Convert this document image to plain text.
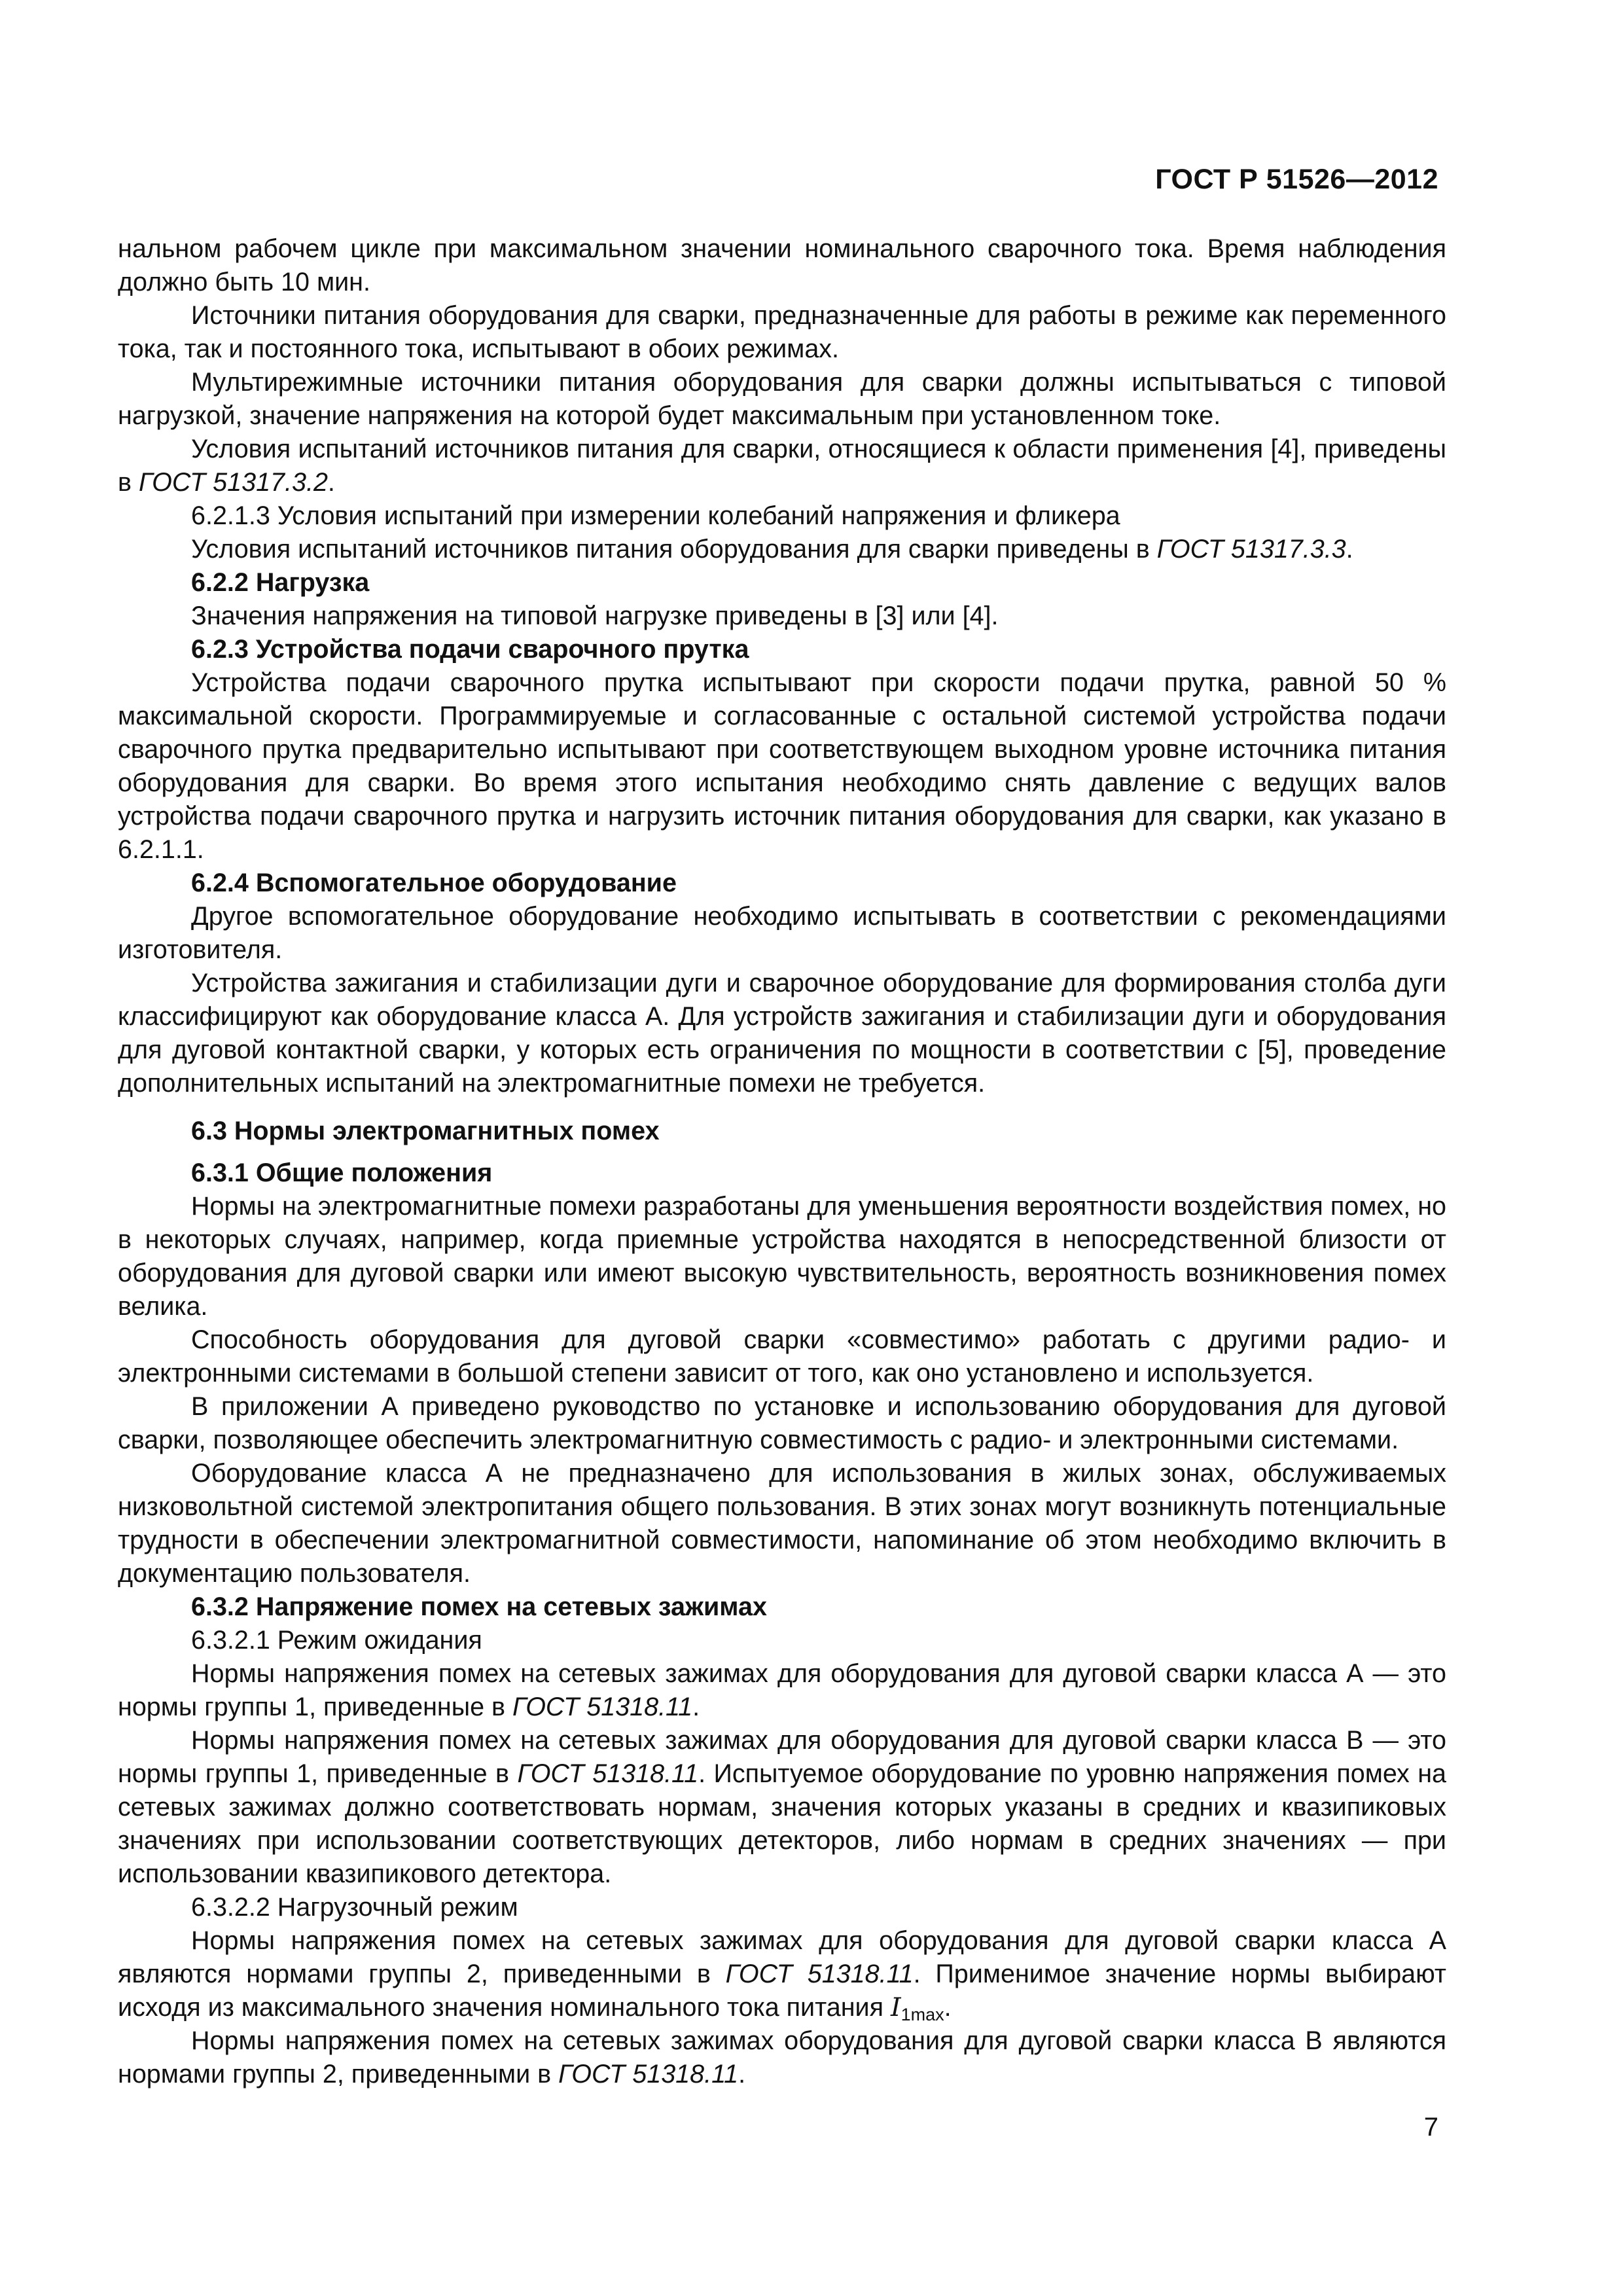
ГОСТ Р 51526—2012

нальном рабочем цикле при максимальном значении номинального сварочного тока. Время наблюдения должно быть 10 мин.

Источники питания оборудования для сварки, предназначенные для работы в режиме как переменного тока, так и постоянного тока, испытывают в обоих режимах.

Мультирежимные источники питания оборудования для сварки должны испытываться с типовой нагрузкой, значение напряжения на которой будет максимальным при установленном токе.

Условия испытаний источников питания для сварки, относящиеся к области применения [4], приведены в ГОСТ 51317.3.2.

6.2.1.3 Условия испытаний при измерении колебаний напряжения и фликера

Условия испытаний источников питания оборудования для сварки приведены в ГОСТ 51317.3.3.

6.2.2 Нагрузка

Значения напряжения на типовой нагрузке приведены в [3] или [4].

6.2.3 Устройства подачи сварочного прутка

Устройства подачи сварочного прутка испытывают при скорости подачи прутка, равной 50 % максимальной скорости. Программируемые и согласованные с остальной системой устройства подачи сварочного прутка предварительно испытывают при соответствующем выходном уровне источника питания оборудования для сварки. Во время этого испытания необходимо снять давление с ведущих валов устройства подачи сварочного прутка и нагрузить источник питания оборудования для сварки, как указано в 6.2.1.1.

6.2.4 Вспомогательное оборудование

Другое вспомогательное оборудование необходимо испытывать в соответствии с рекомендациями изготовителя.

Устройства зажигания и стабилизации дуги и сварочное оборудование для формирования столба дуги классифицируют как оборудование класса А. Для устройств зажигания и стабилизации дуги и оборудования для дуговой контактной сварки, у которых есть ограничения по мощности в соответствии с [5], проведение дополнительных испытаний на электромагнитные помехи не требуется.

6.3 Нормы электромагнитных помех

6.3.1 Общие положения

Нормы на электромагнитные помехи разработаны для уменьшения вероятности воздействия помех, но в некоторых случаях, например, когда приемные устройства находятся в непосредственной близости от оборудования для дуговой сварки или имеют высокую чувствительность, вероятность возникновения помех велика.

Способность оборудования для дуговой сварки «совместимо» работать с другими радио- и электронными системами в большой степени зависит от того, как оно установлено и используется.

В приложении А приведено руководство по установке и использованию оборудования для дуговой сварки, позволяющее обеспечить электромагнитную совместимость с радио- и электронными системами.

Оборудование класса А не предназначено для использования в жилых зонах, обслуживаемых низковольтной системой электропитания общего пользования. В этих зонах могут возникнуть потенциальные трудности в обеспечении электромагнитной совместимости, напоминание об этом необходимо включить в документацию пользователя.

6.3.2 Напряжение помех на сетевых зажимах

6.3.2.1 Режим ожидания

Нормы напряжения помех на сетевых зажимах для оборудования для дуговой сварки класса А — это нормы группы 1, приведенные в ГОСТ 51318.11.

Нормы напряжения помех на сетевых зажимах для оборудования для дуговой сварки класса В — это нормы группы 1, приведенные в ГОСТ 51318.11. Испытуемое оборудование по уровню напряжения помех на сетевых зажимах должно соответствовать нормам, значения которых указаны в средних и квазипиковых значениях при использовании соответствующих детекторов, либо нормам в средних значениях — при использовании квазипикового детектора.

6.3.2.2 Нагрузочный режим

Нормы напряжения помех на сетевых зажимах для оборудования для дуговой сварки класса А являются нормами группы 2, приведенными в ГОСТ 51318.11. Применимое значение нормы выбирают исходя из максимального значения номинального тока питания $I_{1max}$.

Нормы напряжения помех на сетевых зажимах оборудования для дуговой сварки класса В являются нормами группы 2, приведенными в ГОСТ 51318.11.

7
